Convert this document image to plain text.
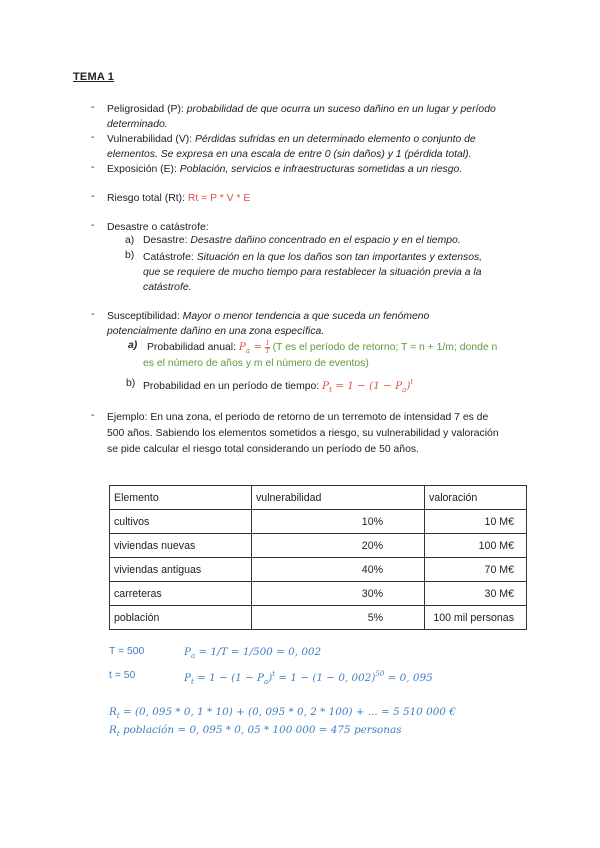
TEMA 1
- Peligrosidad (P): probabilidad de que ocurra un suceso dañino en un lugar y período
determinado.
- Vulnerabilidad (V): Pérdidas sufridas en un determinado elemento o conjunto de
elementos. Se expresa en una escala de entre 0 (sin daños) y 1 (pérdida total).
- Exposición (E): Población, servicios e infraestructuras sometidas a un riesgo.
- Riesgo total (Rt): Rt = P * V * E
- Desastre o catástrofe:
a) Desastre: Desastre dañino concentrado en el espacio y en el tiempo.
b) Catástrofe: Situación en la que los daños son tan importantes y extensos,
que se requiere de mucho tiempo para restablecer la situación previa a la
catástrofe.
- Susceptibilidad: Mayor o menor tendencia a que suceda un fenómeno
potencialmente dañino en una zona específica.
a) Probabilidad anual: $P_a = \frac{1}{T} (T$ es el período de retorno; T = n + 1/m; donde n
es el número de años y m el número de eventos)
b) Probabilidad en un período de tiempo: $P_t = 1 - (1 - P_a)^t$
- Ejemplo: En una zona, el periodo de retorno de un terremoto de intensidad 7 es de
500 años. Sabiendo los elementos sometidos a riesgo, su vulnerabilidad y valoración
se pide calcular el riesgo total considerando un período de 50 años.
Elemento	vulnerabilidad	valoración
cultivos	10%	10 M€
viviendas nuevas	20%	100 M€
viviendas antiguas	40%	70 M€
carreteras	30%	30 M€
población	5%	100 mil personas
T = 500	$P_a = 1/T = 1/500 = 0$, 002
t = 50	$P_t = 1 - (1 - P_a)^t = 1 - (1 - 0$, 002)$^{50}$ = 0, 095
$R_t = (0$, 095 * 0, 1 * 10) + (0, 095 * 0, 2 * 100) + ... = 5 510 000 €
$R_t$ población = 0, 095 * 0, 05 * 100 000 = 475 personas
